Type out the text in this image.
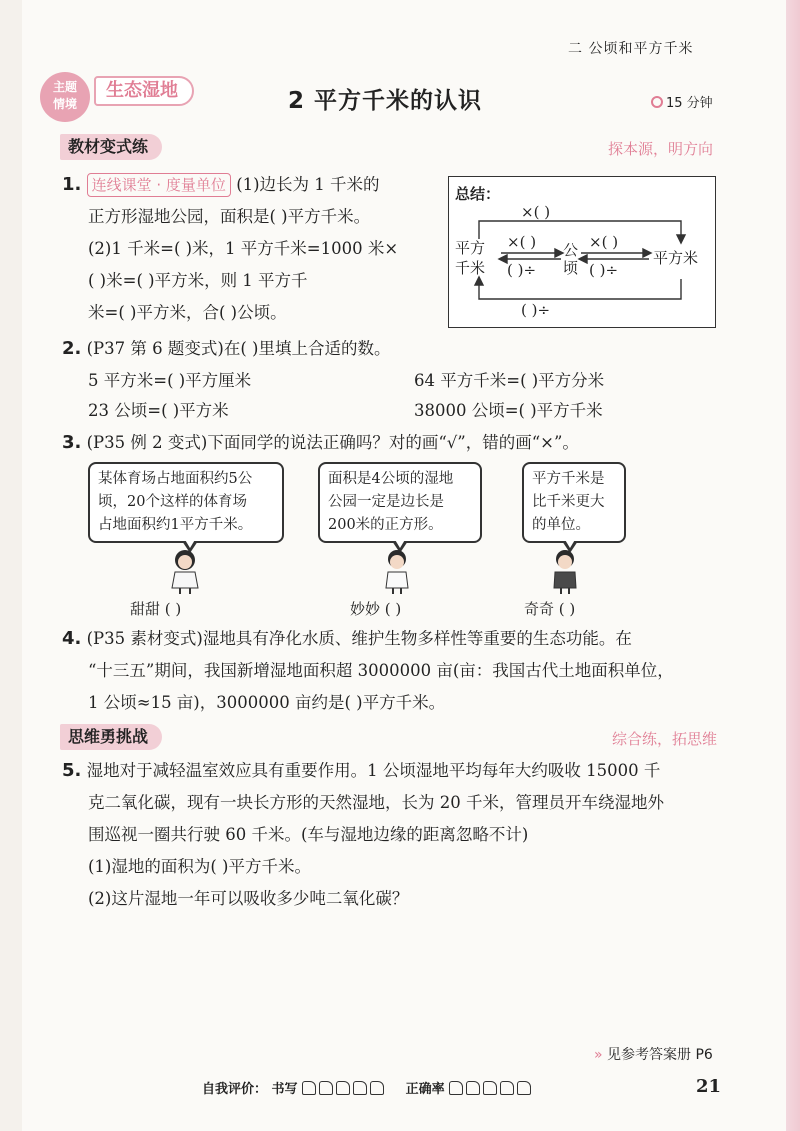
二 公顷和平方千米
主题
情境
生态湿地	2 平方千米的认识	15 分钟
教材变式练	探本源，明方向
1. 连线课堂 · 度量单位 (1)边长为 1 千米的
正方形湿地公园，面积是( )平方千米。
(2)1 千米=( )米，1 平方千米=1000 米×
( )米=( )平方米，则 1 平方千
米=( )平方米，合( )公顷。
总结：
×( )
平方
千米
×( )
( )÷
公
顷
×( )
( )÷
平方米
( )÷
2. (P37 第 6 题变式)在( )里填上合适的数。
5 平方米=( )平方厘米	64 平方千米=( )平方分米
23 公顷=( )平方米	38000 公顷=( )平方千米
3. (P35 例 2 变式)下面同学的说法正确吗？对的画“√”，错的画“×”。
某体育场占地面积约5公
顷，20个这样的体育场
占地面积约1平方千米。
面积是4公顷的湿地
公园一定是边长是
200米的正方形。
平方千米是
比千米更大
的单位。
甜甜 ( )	妙妙 ( )	奇奇 ( )
4. (P35 素材变式)湿地具有净化水质、维护生物多样性等重要的生态功能。在
“十三五”期间，我国新增湿地面积超 3000000 亩(亩：我国古代土地面积单位，
1 公顷≈15 亩)，3000000 亩约是( )平方千米。
思维勇挑战	综合练，拓思维
5. 湿地对于减轻温室效应具有重要作用。1 公顷湿地平均每年大约吸收 15000 千
克二氧化碳，现有一块长方形的天然湿地，长为 20 千米，管理员开车绕湿地外
围巡视一圈共行驶 60 千米。(车与湿地边缘的距离忽略不计)
(1)湿地的面积为( )平方千米。
(2)这片湿地一年可以吸收多少吨二氧化碳？
» 见参考答案册 P6
自我评价： 书写	正确率	21
